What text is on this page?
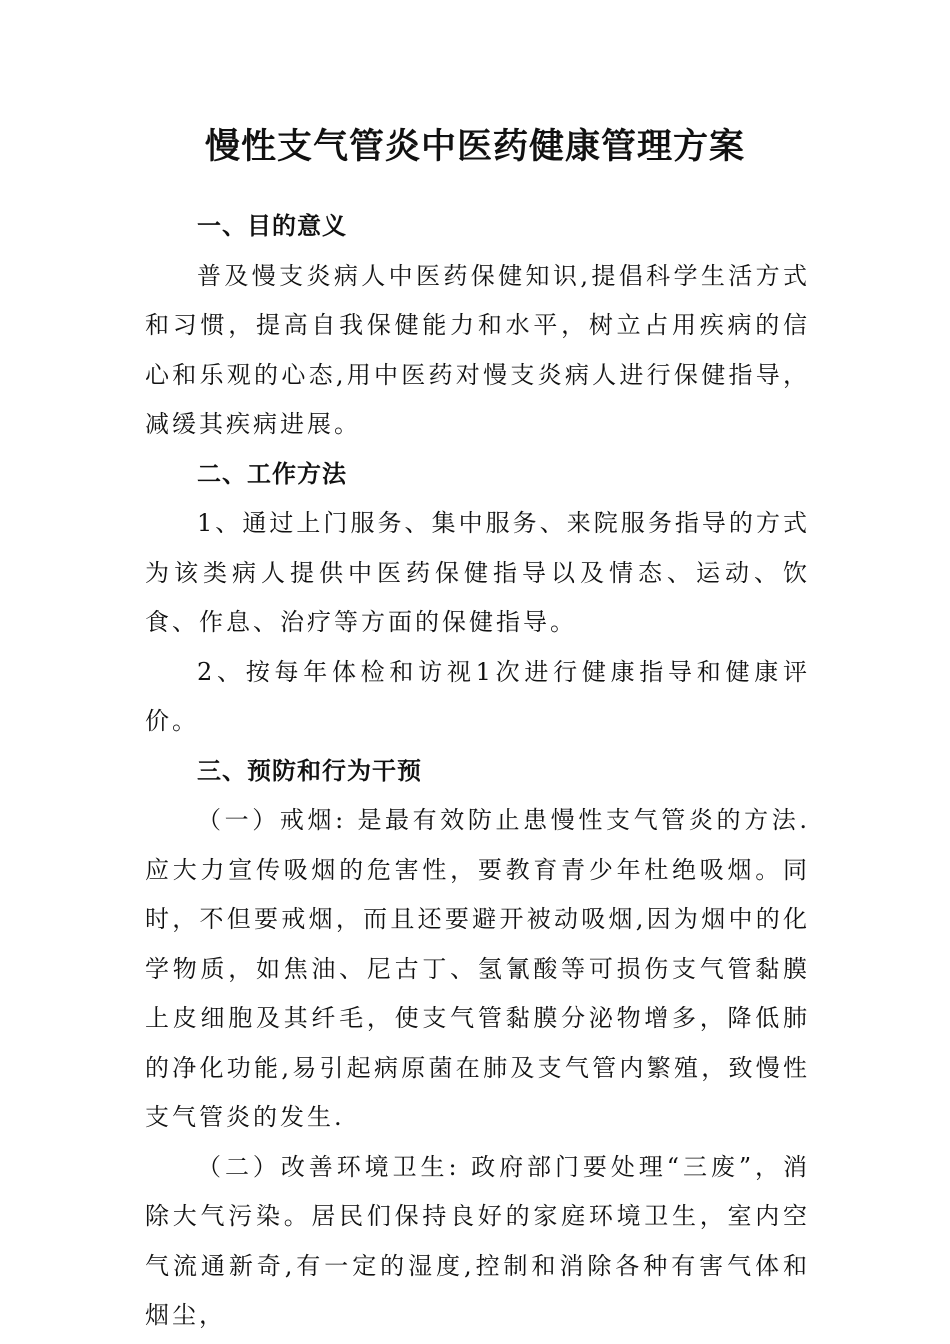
慢性支气管炎中医药健康管理方案
一、目的意义
普及慢支炎病人中医药保健知识,提倡科学生活方式和习惯，提高自我保健能力和水平，树立占用疾病的信心和乐观的心态,用中医药对慢支炎病人进行保健指导，减缓其疾病进展。
二、工作方法
1、通过上门服务、集中服务、来院服务指导的方式为该类病人提供中医药保健指导以及情态、运动、饮食、作息、治疗等方面的保健指导。
2、按每年体检和访视1次进行健康指导和健康评价。
三、预防和行为干预
（一）戒烟: 是最有效防止患慢性支气管炎的方法.应大力宣传吸烟的危害性，要教育青少年杜绝吸烟。同时，不但要戒烟，而且还要避开被动吸烟,因为烟中的化学物质，如焦油、尼古丁、氢氰酸等可损伤支气管黏膜上皮细胞及其纤毛，使支气管黏膜分泌物增多，降低肺的净化功能,易引起病原菌在肺及支气管内繁殖，致慢性支气管炎的发生.
（二）改善环境卫生: 政府部门要处理“三废”，消除大气污染。居民们保持良好的家庭环境卫生，室内空气流通新奇,有一定的湿度,控制和消除各种有害气体和烟尘，
